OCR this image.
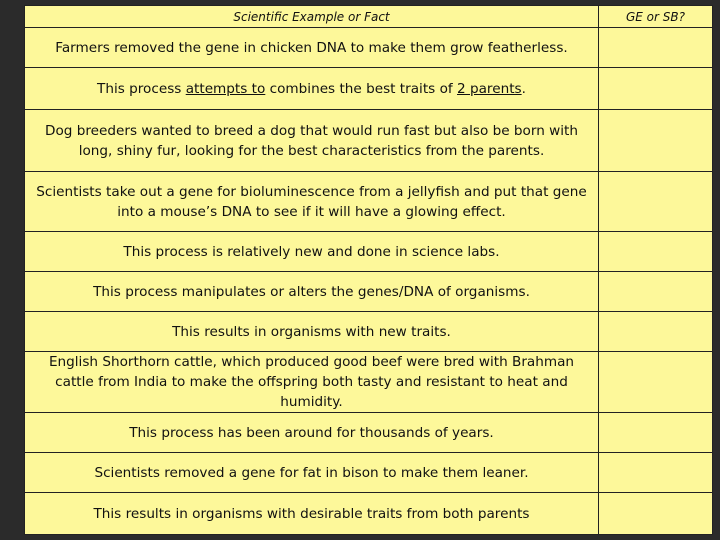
Scientific Example or Fact	GE or SB?
Farmers removed the gene in chicken DNA to make them grow featherless.	
This process attempts to combines the best traits of 2 parents.	
Dog breeders wanted to breed a dog that would run fast but also be born with long, shiny fur, looking for the best characteristics from the parents.	
Scientists take out a gene for bioluminescence from a jellyfish and put that gene into a mouse’s DNA to see if it will have a glowing effect.	
This process is relatively new and done in science labs.	
This process manipulates or alters the genes/DNA of organisms.	
This results in organisms with new traits.	
English Shorthorn cattle, which produced good beef were bred with Brahman cattle from India to make the offspring both tasty and resistant to heat and humidity.	
This process has been around for thousands of years.	
Scientists removed a gene for fat in bison to make them leaner.	
This results in organisms with desirable traits from both parents	
